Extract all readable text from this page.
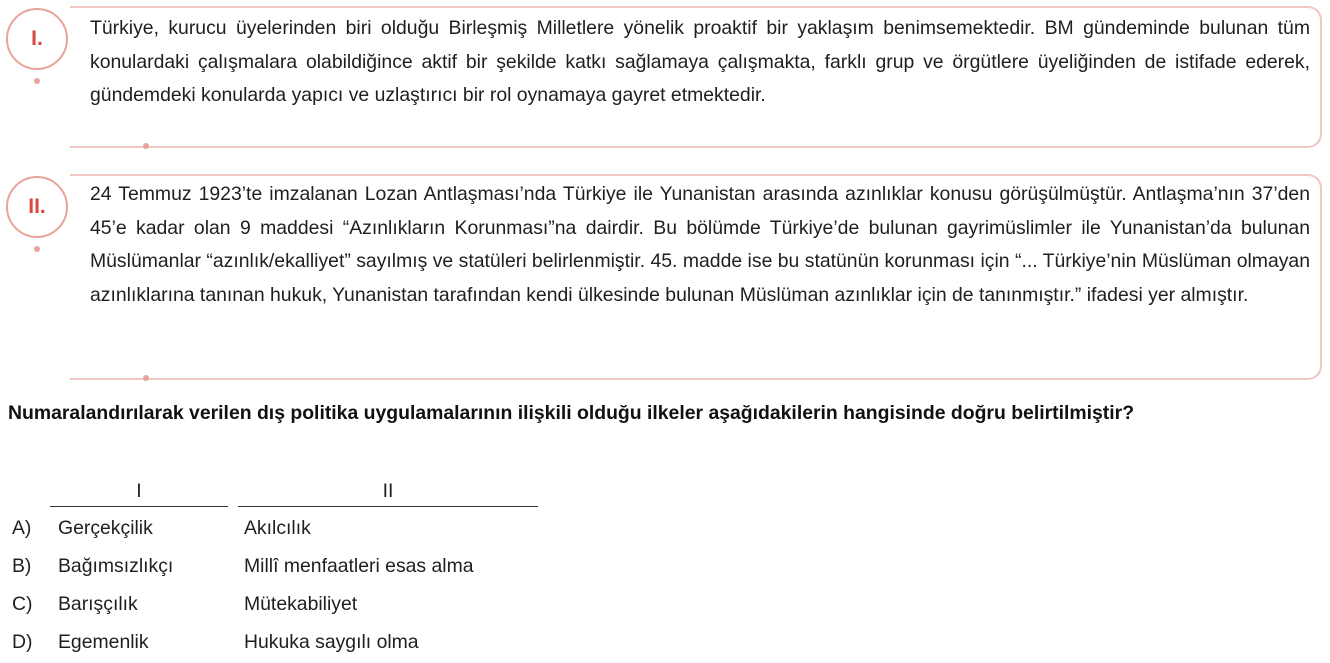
I. Türkiye, kurucu üyelerinden biri olduğu Birleşmiş Milletlere yönelik proaktif bir yaklaşım benimsemektedir. BM gündeminde bulunan tüm konulardaki çalışmalara olabildiğince aktif bir şekilde katkı sağlamaya çalışmakta, farklı grup ve örgütlere üyeliğinden de istifade ederek, gündemdeki konularda yapıcı ve uzlaştırıcı bir rol oynamaya gayret etmektedir.

II.

24 Temmuz 1923’te imzalanan Lozan Antlaşması’nda Türkiye ile Yunanistan arasında azınlıklar konusu görüşülmüştür. Antlaşma’nın 37’den 45’e kadar olan 9 maddesi “Azınlıkların Korunması”na dairdir. Bu bölümde Türkiye’de bulunan gayrimüslimler ile Yunanistan’da bulunan Müslümanlar “azınlık/ekalliyet” sayılmış ve statüleri belirlenmiştir. 45. madde ise bu statünün korunması için “... Türkiye’nin Müslüman olmayan azınlıklarına tanınan hukuk, Yunanistan tarafından kendi ülkesinde bulunan Müslüman azınlıklar için de tanınmıştır.” ifadesi yer almıştır.

Numaralandırılarak verilen dış politika uygulamalarının ilişkili olduğu ilkeler aşağıdakilerin hangisinde doğru belirtilmiştir?

I	II
A) Gerçekçilik	Akılcılık
B) Bağımsızlıkçı	Millî menfaatleri esas alma
C) Barışçılık	Mütekabiliyet
D) Egemenlik	Hukuka saygılı olma
